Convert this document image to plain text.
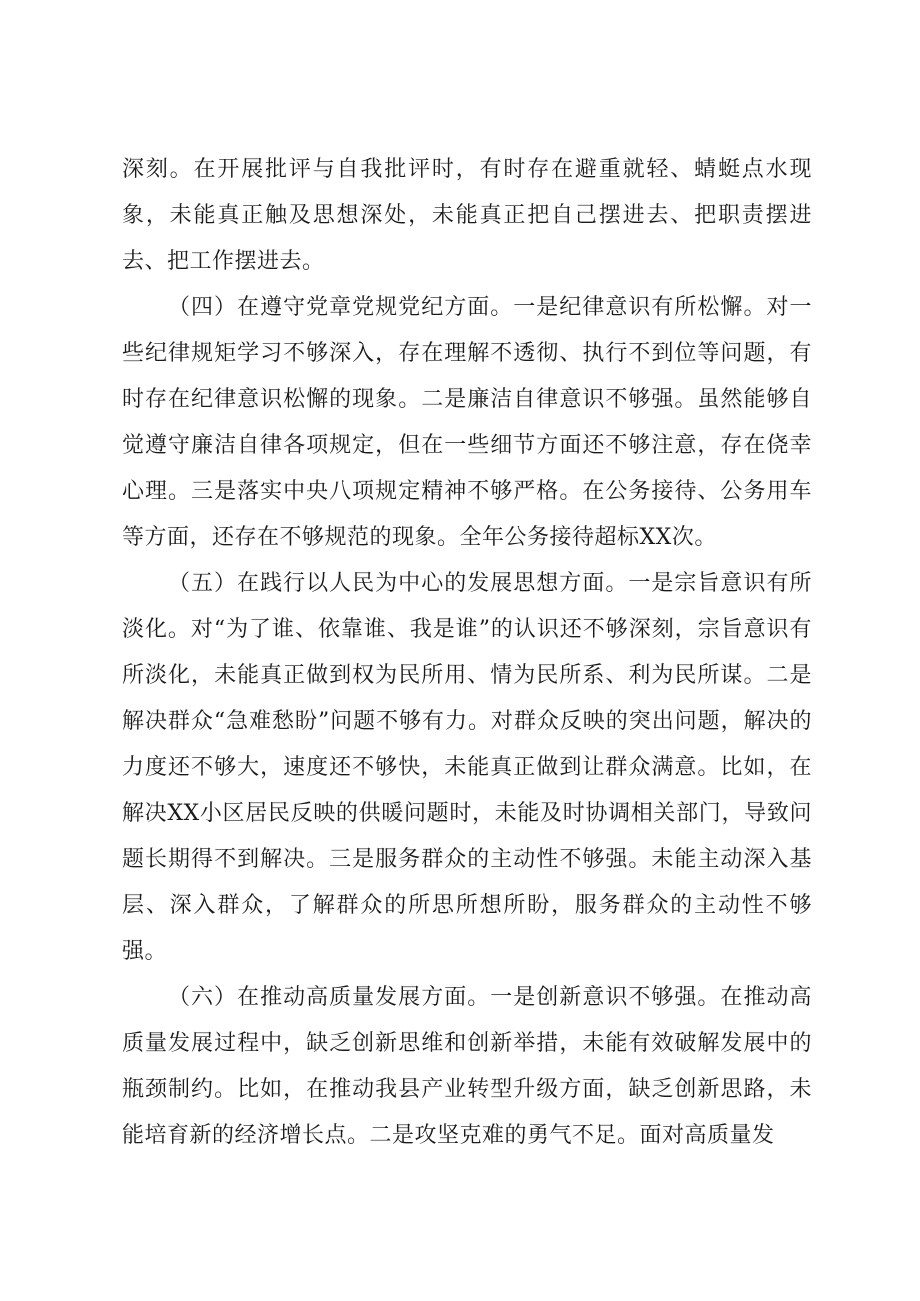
深刻。在开展批评与自我批评时，有时存在避重就轻、蜻蜓点水现象，未能真正触及思想深处，未能真正把自己摆进去、把职责摆进去、把工作摆进去。

（四）在遵守党章党规党纪方面。一是纪律意识有所松懈。对一些纪律规矩学习不够深入，存在理解不透彻、执行不到位等问题，有时存在纪律意识松懈的现象。二是廉洁自律意识不够强。虽然能够自觉遵守廉洁自律各项规定，但在一些细节方面还不够注意，存在侥幸心理。三是落实中央八项规定精神不够严格。在公务接待、公务用车等方面，还存在不够规范的现象。全年公务接待超标XX次。

（五）在践行以人民为中心的发展思想方面。一是宗旨意识有所淡化。对“为了谁、依靠谁、我是谁”的认识还不够深刻，宗旨意识有所淡化，未能真正做到权为民所用、情为民所系、利为民所谋。二是解决群众“急难愁盼”问题不够有力。对群众反映的突出问题，解决的力度还不够大，速度还不够快，未能真正做到让群众满意。比如，在解决XX小区居民反映的供暖问题时，未能及时协调相关部门，导致问题长期得不到解决。三是服务群众的主动性不够强。未能主动深入基层、深入群众，了解群众的所思所想所盼，服务群众的主动性不够强。

（六）在推动高质量发展方面。一是创新意识不够强。在推动高质量发展过程中，缺乏创新思维和创新举措，未能有效破解发展中的瓶颈制约。比如，在推动我县产业转型升级方面，缺乏创新思路，未能培育新的经济增长点。二是攻坚克难的勇气不足。面对高质量发
